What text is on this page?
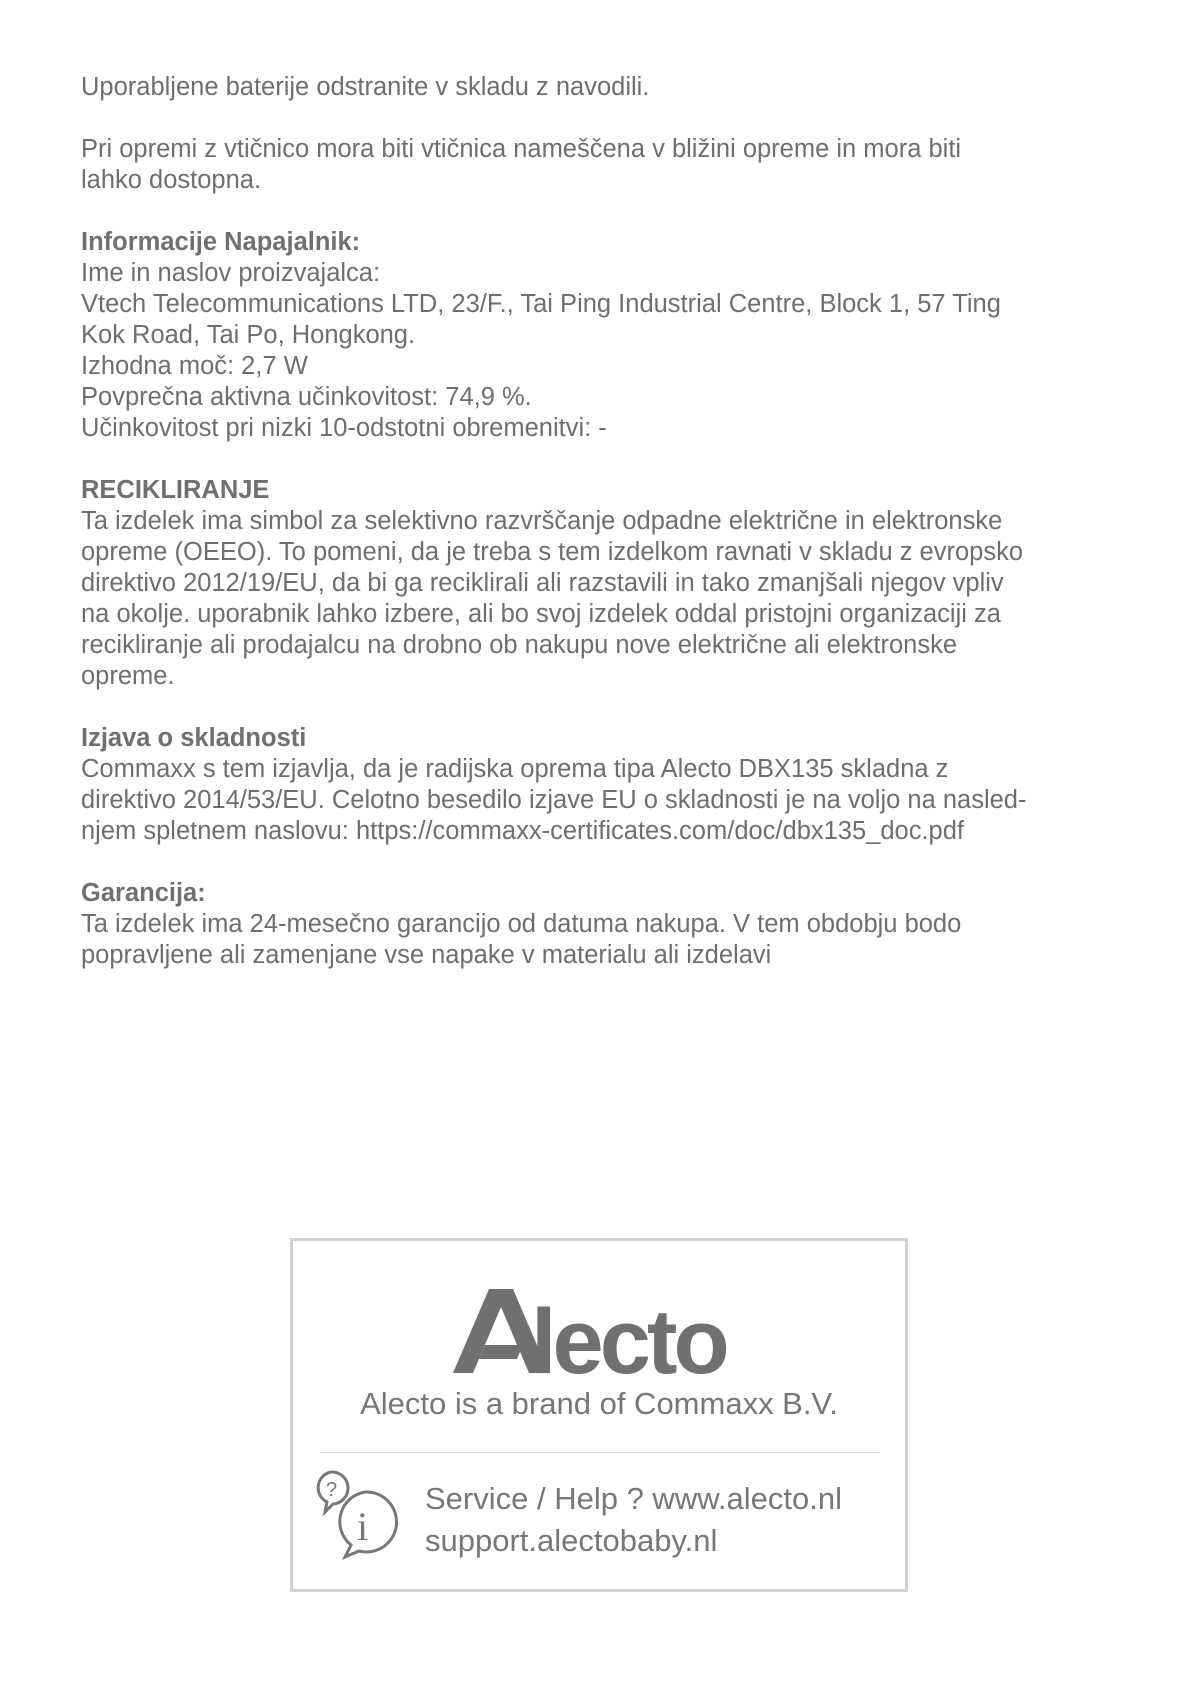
Uporabljene baterije odstranite v skladu z navodili.
Pri opremi z vtičnico mora biti vtičnica nameščena v bližini opreme in mora biti
lahko dostopna.
Informacije Napajalnik:
Ime in naslov proizvajalca:
Vtech Telecommunications LTD, 23/F., Tai Ping Industrial Centre, Block 1, 57 Ting
Kok Road, Tai Po, Hongkong.
Izhodna moč: 2,7 W
Povprečna aktivna učinkovitost: 74,9 %.
Učinkovitost pri nizki 10-odstotni obremenitvi: -
RECIKLIRANJE
Ta izdelek ima simbol za selektivno razvrščanje odpadne električne in elektronske
opreme (OEEO). To pomeni, da je treba s tem izdelkom ravnati v skladu z evropsko
direktivo 2012/19/EU, da bi ga reciklirali ali razstavili in tako zmanjšali njegov vpliv
na okolje. uporabnik lahko izbere, ali bo svoj izdelek oddal pristojni organizaciji za
recikliranje ali prodajalcu na drobno ob nakupu nove električne ali elektronske
opreme.
Izjava o skladnosti
Commaxx s tem izjavlja, da je radijska oprema tipa Alecto DBX135 skladna z
direktivo 2014/53/EU. Celotno besedilo izjave EU o skladnosti je na voljo na nasled-
njem spletnem naslovu: https://commaxx-certificates.com/doc/dbx135_doc.pdf
Garancija:
Ta izdelek ima 24-mesečno garancijo od datuma nakupa. V tem obdobju bodo
popravljene ali zamenjane vse napake v materialu ali izdelavi
lecto
Alecto is a brand of Commaxx B.V.
?
i
Service / Help ? www.alecto.nl
support.alectobaby.nl
